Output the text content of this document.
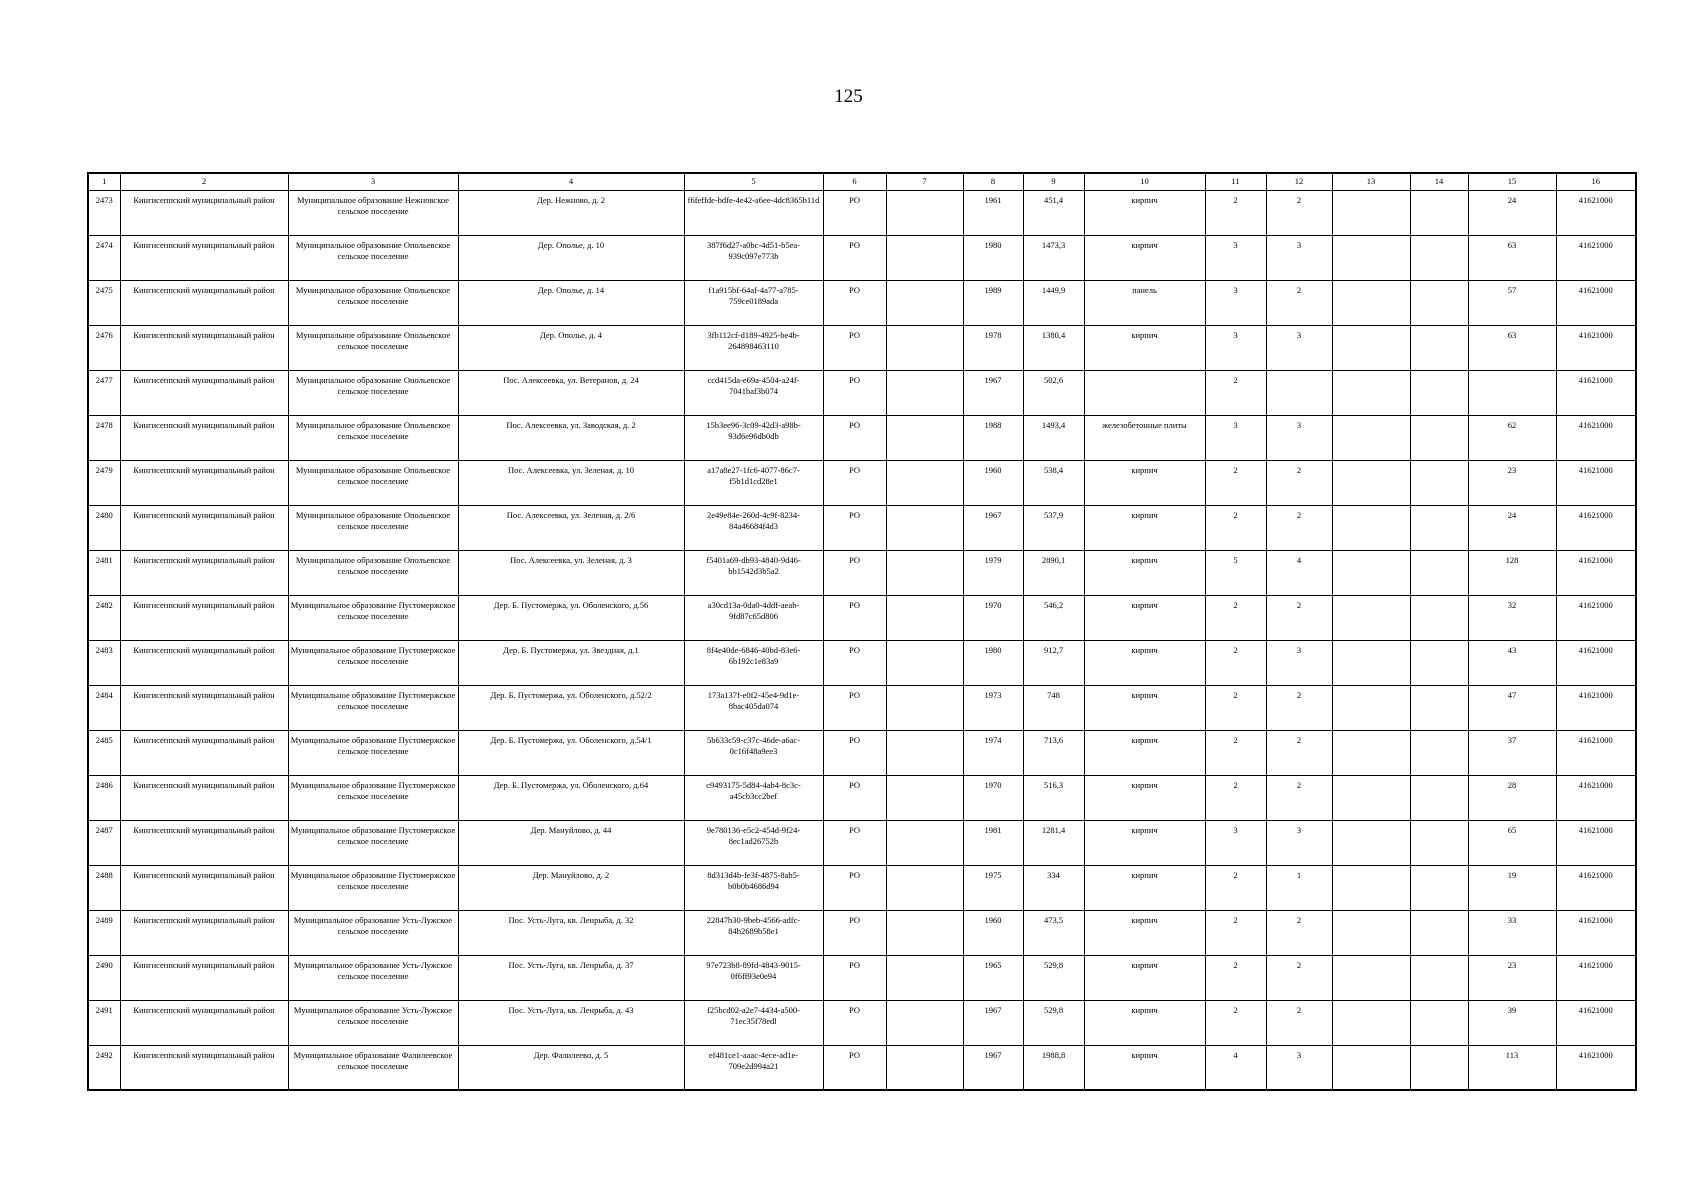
125
1	2	3	4	5	6	7	8	9	10	11	12	13	14	15	16
2473	Кингисеппский муниципальный район	Муниципальное образование Нежновское сельское поселение	Дер. Нежново, д. 2	f6feffde-bdfe-4e42-a6ee-4dc8365b11d	РО		1961	451,4	кирпич	2	2			24	41621000
2474	Кингисеппский муниципальный район	Муниципальное образование Опольевское сельское поселение	Дер. Ополье, д. 10	387f6d27-a0bc-4d51-b5ea-939c097e773b	РО		1980	1473,3	кирпич	3	3			63	41621000
2475	Кингисеппский муниципальный район	Муниципальное образование Опольевское сельское поселение	Дер. Ополье, д. 14	f1a915bf-64af-4a77-a785-759ce0189ada	РО		1989	1449,9	панель	3	2			57	41621000
2476	Кингисеппский муниципальный район	Муниципальное образование Опольевское сельское поселение	Дер. Ополье, д. 4	3fb112cf-d189-4925-be4b-264898463110	РО		1978	1380,4	кирпич	3	3			63	41621000
2477	Кингисеппский муниципальный район	Муниципальное образование Опольевское сельское поселение	Пос. Алексеевка, ул. Ветеранов, д. 24	ccd415da-e69a-4504-a24f-7041baf3b074	РО		1967	502,6		2					41621000
2478	Кингисеппский муниципальный район	Муниципальное образование Опольевское сельское поселение	Пос. Алексеевка, ул. Заводская, д. 2	15b3ee96-3c09-42d3-a98b-93d6e96db0db	РО		1988	1493,4	железобетонные плиты	3	3			62	41621000
2479	Кингисеппский муниципальный район	Муниципальное образование Опольевское сельское поселение	Пос. Алексеевка, ул. Зеленая, д. 10	a17a8e27-1fc6-4077-86c7-f5b1d1cd28e1	РО		1960	538,4	кирпич	2	2			23	41621000
2480	Кингисеппский муниципальный район	Муниципальное образование Опольевское сельское поселение	Пос. Алексеевка, ул. Зеленая, д. 2/6	2e49e84e-260d-4c9f-8234-84a46684f4d3	РО		1967	537,9	кирпич	2	2			24	41621000
2481	Кингисеппский муниципальный район	Муниципальное образование Опольевское сельское поселение	Пос. Алексеевка, ул. Зеленая, д. 3	f5401a69-db93-4840-9d46-bb1542d3b5a2	РО		1979	2890,1	кирпич	5	4			128	41621000
2482	Кингисеппский муниципальный район	Муниципальное образование Пустомержское сельское поселение	Дер. Б. Пустомержа, ул. Оболенского, д.56	a30cd13a-0da0-4ddf-aeab-9fd87c65d806	РО		1970	546,2	кирпич	2	2			32	41621000
2483	Кингисеппский муниципальный район	Муниципальное образование Пустомержское сельское поселение	Дер. Б. Пустомержа, ул. Звездная, д.1	8f4e40de-6846-40bd-83e6-6b192c1e83a9	РО		1980	912,7	кирпич	2	3			43	41621000
2484	Кингисеппский муниципальный район	Муниципальное образование Пустомержское сельское поселение	Дер. Б. Пустомержа, ул. Оболенского, д.52/2	173a137f-e0f2-45e4-9d1e-8bac405da074	РО		1973	748	кирпич	2	2			47	41621000
2485	Кингисеппский муниципальный район	Муниципальное образование Пустомержское сельское поселение	Дер. Б. Пустомержа, ул. Оболенского, д.54/1	5b633c59-c37c-46de-a6ac-0c16f48a9ee3	РО		1974	713,6	кирпич	2	2			37	41621000
2486	Кингисеппский муниципальный район	Муниципальное образование Пустомержское сельское поселение	Дер. Б. Пустомержа, ул. Оболенского, д.64	c9493175-5d84-4ab4-8c3c-a45cb3cc2bef	РО		1970	516,3	кирпич	2	2			28	41621000
2487	Кингисеппский муниципальный район	Муниципальное образование Пустомержское сельское поселение	Дер. Мануйлово, д. 44	9e780136-e5c2-454d-9f24-8ec1ad26752b	РО		1981	1281,4	кирпич	3	3			65	41621000
2488	Кингисеппский муниципальный район	Муниципальное образование Пустомержское сельское поселение	Дер. Мануйлово, д. 2	8d313d4b-fe3f-4875-8ab5-b0b0b4686d94	РО		1975	334	кирпич	2	1			19	41621000
2489	Кингисеппский муниципальный район	Муниципальное образование Усть-Лужское сельское поселение	Пос. Усть-Луга, кв. Ленрыба, д. 32	22847b30-9beb-4566-adfc-84b2689b58e1	РО		1960	473,5	кирпич	2	2			33	41621000
2490	Кингисеппский муниципальный район	Муниципальное образование Усть-Лужское сельское поселение	Пос. Усть-Луга, кв. Ленрыба, д. 37	97e723b8-89fd-4843-9015-0f6ff93e0e94	РО		1965	529,8	кирпич	2	2			23	41621000
2491	Кингисеппский муниципальный район	Муниципальное образование Усть-Лужское сельское поселение	Пос. Усть-Луга, кв. Ленрыба, д. 43	f25bcd02-a2e7-4434-a500-71ec35f78edl	РО		1967	529,8	кирпич	2	2			39	41621000
2492	Кингисеппский муниципальный район	Муниципальное образование Фалилеевское сельское поселение	Дер. Фалилеево, д. 5	ef481ce1-aaac-4ece-ad1e-709e2d994a21	РО		1967	1988,8	кирпич	4	3			113	41621000
